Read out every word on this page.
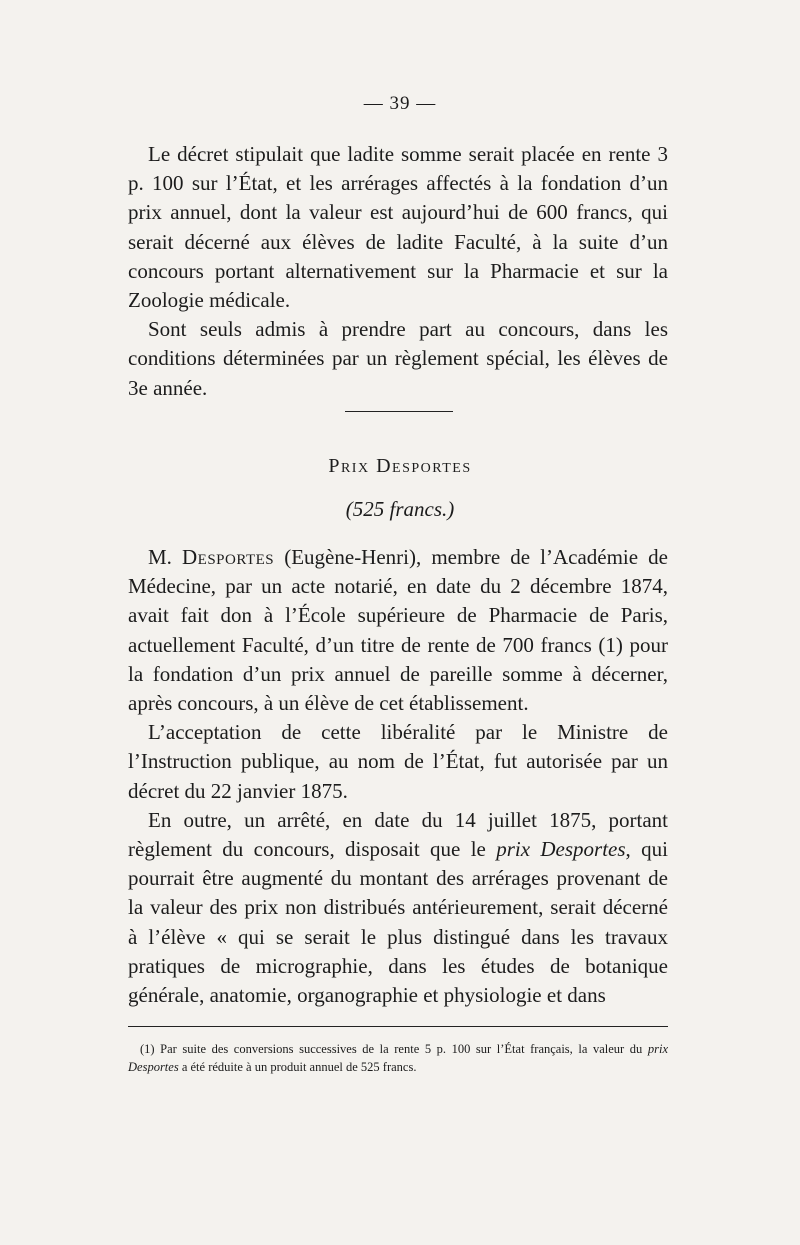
— 39 —

Le décret stipulait que ladite somme serait placée en rente 3 p. 100 sur l’État, et les arrérages affectés à la fondation d’un prix annuel, dont la valeur est aujourd’hui de 600 francs, qui serait décerné aux élèves de ladite Faculté, à la suite d’un concours portant alternativement sur la Pharmacie et sur la Zoologie médicale.

Sont seuls admis à prendre part au concours, dans les conditions déterminées par un règlement spécial, les élèves de 3e année.

Prix Desportes
(525 francs.)

M. Desportes (Eugène-Henri), membre de l’Académie de Médecine, par un acte notarié, en date du 2 décembre 1874, avait fait don à l’École supérieure de Pharmacie de Paris, actuellement Faculté, d’un titre de rente de 700 francs (1) pour la fondation d’un prix annuel de pareille somme à décerner, après concours, à un élève de cet établissement.

L’acceptation de cette libéralité par le Ministre de l’Instruction publique, au nom de l’État, fut autorisée par un décret du 22 janvier 1875.

En outre, un arrêté, en date du 14 juillet 1875, portant règlement du concours, disposait que le prix Desportes, qui pourrait être augmenté du montant des arrérages provenant de la valeur des prix non distribués antérieurement, serait décerné à l’élève « qui se serait le plus distingué dans les travaux pratiques de micrographie, dans les études de botanique générale, anatomie, organographie et physiologie et dans

(1) Par suite des conversions successives de la rente 5 p. 100 sur l’État français, la valeur du prix Desportes a été réduite à un produit annuel de 525 francs.
